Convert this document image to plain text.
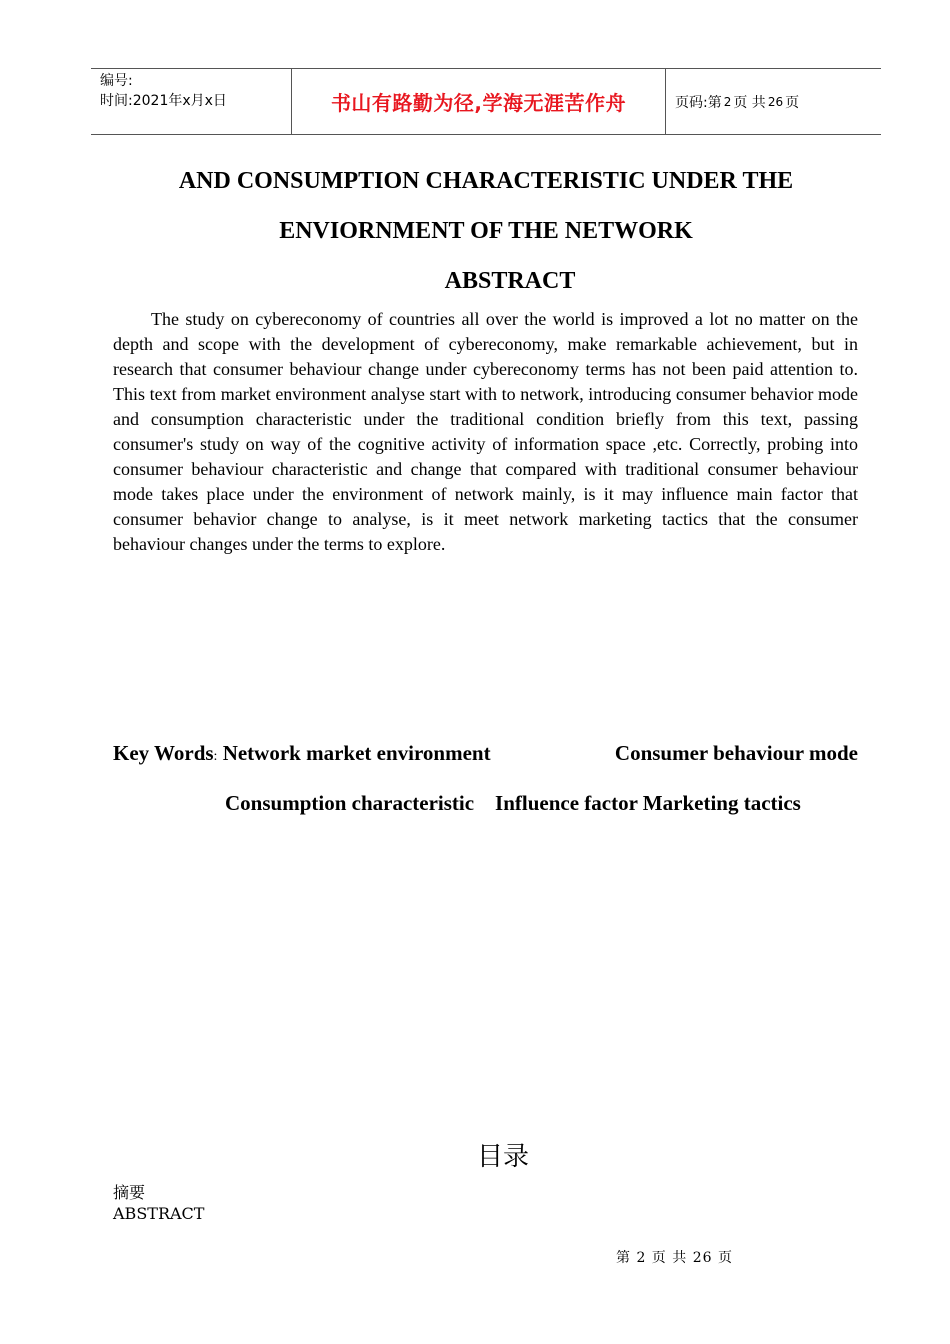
编号:
时间:2021年x月x日	书山有路勤为径,学海无涯苦作舟	页码:第 2 页 共 26 页
AND CONSUMPTION CHARACTERISTIC UNDER THE
ENVIORNMENT OF THE NETWORK
ABSTRACT
The study on cybereconomy of countries all over the world is improved a lot no matter on the depth and scope with the development of cybereconomy, make remarkable achievement, but in research that consumer behaviour change under cybereconomy terms has not been paid attention to. This text from market environment analyse start with to network, introducing consumer behavior mode and consumption characteristic under the traditional condition briefly from this text, passing consumer's study on way of the cognitive activity of information space ,etc. Correctly, probing into consumer behaviour characteristic and change that compared with traditional consumer behaviour mode takes place under the environment of network mainly, is it may influence main factor that consumer behavior change to analyse, is it meet network marketing tactics that the consumer behaviour changes under the terms to explore.
Key Words: Network market environment	Consumer behaviour mode
Consumption characteristic    Influence factor Marketing tactics
目录
摘要
ABSTRACT
第 2 页 共 26 页
